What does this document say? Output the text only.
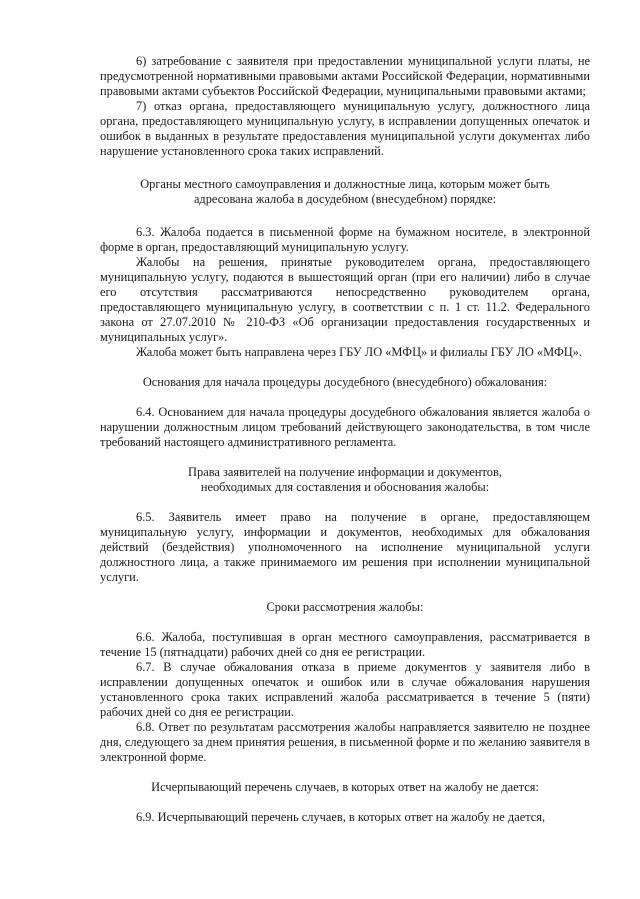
6) затребование с заявителя при предоставлении муниципальной услуги платы, не предусмотренной нормативными правовыми актами Российской Федерации, нормативными правовыми актами субъектов Российской Федерации, муниципальными правовыми актами;

7) отказ органа, предоставляющего муниципальную услугу, должностного лица органа, предоставляющего муниципальную услугу, в исправлении допущенных опечаток и ошибок в выданных в результате предоставления муниципальной услуги документах либо нарушение установленного срока таких исправлений.

Органы местного самоуправления и должностные лица, которым может быть

адресована жалоба в досудебном (внесудебном) порядке:

6.3. Жалоба подается в письменной форме на бумажном носителе, в электронной форме в орган, предоставляющий муниципальную услугу.

Жалобы на решения, принятые руководителем органа, предоставляющего муниципальную услугу, подаются в вышестоящий орган (при его наличии) либо в случае его отсутствия рассматриваются непосредственно руководителем органа, предоставляющего муниципальную услугу, в соответствии с п. 1 ст. 11.2. Федерального закона от 27.07.2010 № 210-ФЗ «Об организации предоставления государственных и муниципальных услуг».

Жалоба может быть направлена через ГБУ ЛО «МФЦ» и филиалы ГБУ ЛО «МФЦ».

Основания для начала процедуры досудебного (внесудебного) обжалования:

6.4. Основанием для начала процедуры досудебного обжалования является жалоба о нарушении должностным лицом требований действующего законодательства, в том числе требований настоящего административного регламента.

Права заявителей на получение информации и документов,

необходимых для составления и обоснования жалобы:

6.5. Заявитель имеет право на получение в органе, предоставляющем муниципальную услугу, информации и документов, необходимых для обжалования действий (бездействия) уполномоченного на исполнение муниципальной услуги должностного лица, а также принимаемого им решения при исполнении муниципальной услуги.

Сроки рассмотрения жалобы:

6.6. Жалоба, поступившая в орган местного самоуправления, рассматривается в течение 15 (пятнадцати) рабочих дней со дня ее регистрации.

6.7. В случае обжалования отказа в приеме документов у заявителя либо в исправлении допущенных опечаток и ошибок или в случае обжалования нарушения установленного срока таких исправлений жалоба рассматривается в течение 5 (пяти) рабочих дней со дня ее регистрации.

6.8. Ответ по результатам рассмотрения жалобы направляется заявителю не позднее дня, следующего за днем принятия решения, в письменной форме и по желанию заявителя в электронной форме.

Исчерпывающий перечень случаев, в которых ответ на жалобу не дается:

6.9. Исчерпывающий перечень случаев, в которых ответ на жалобу не дается,
